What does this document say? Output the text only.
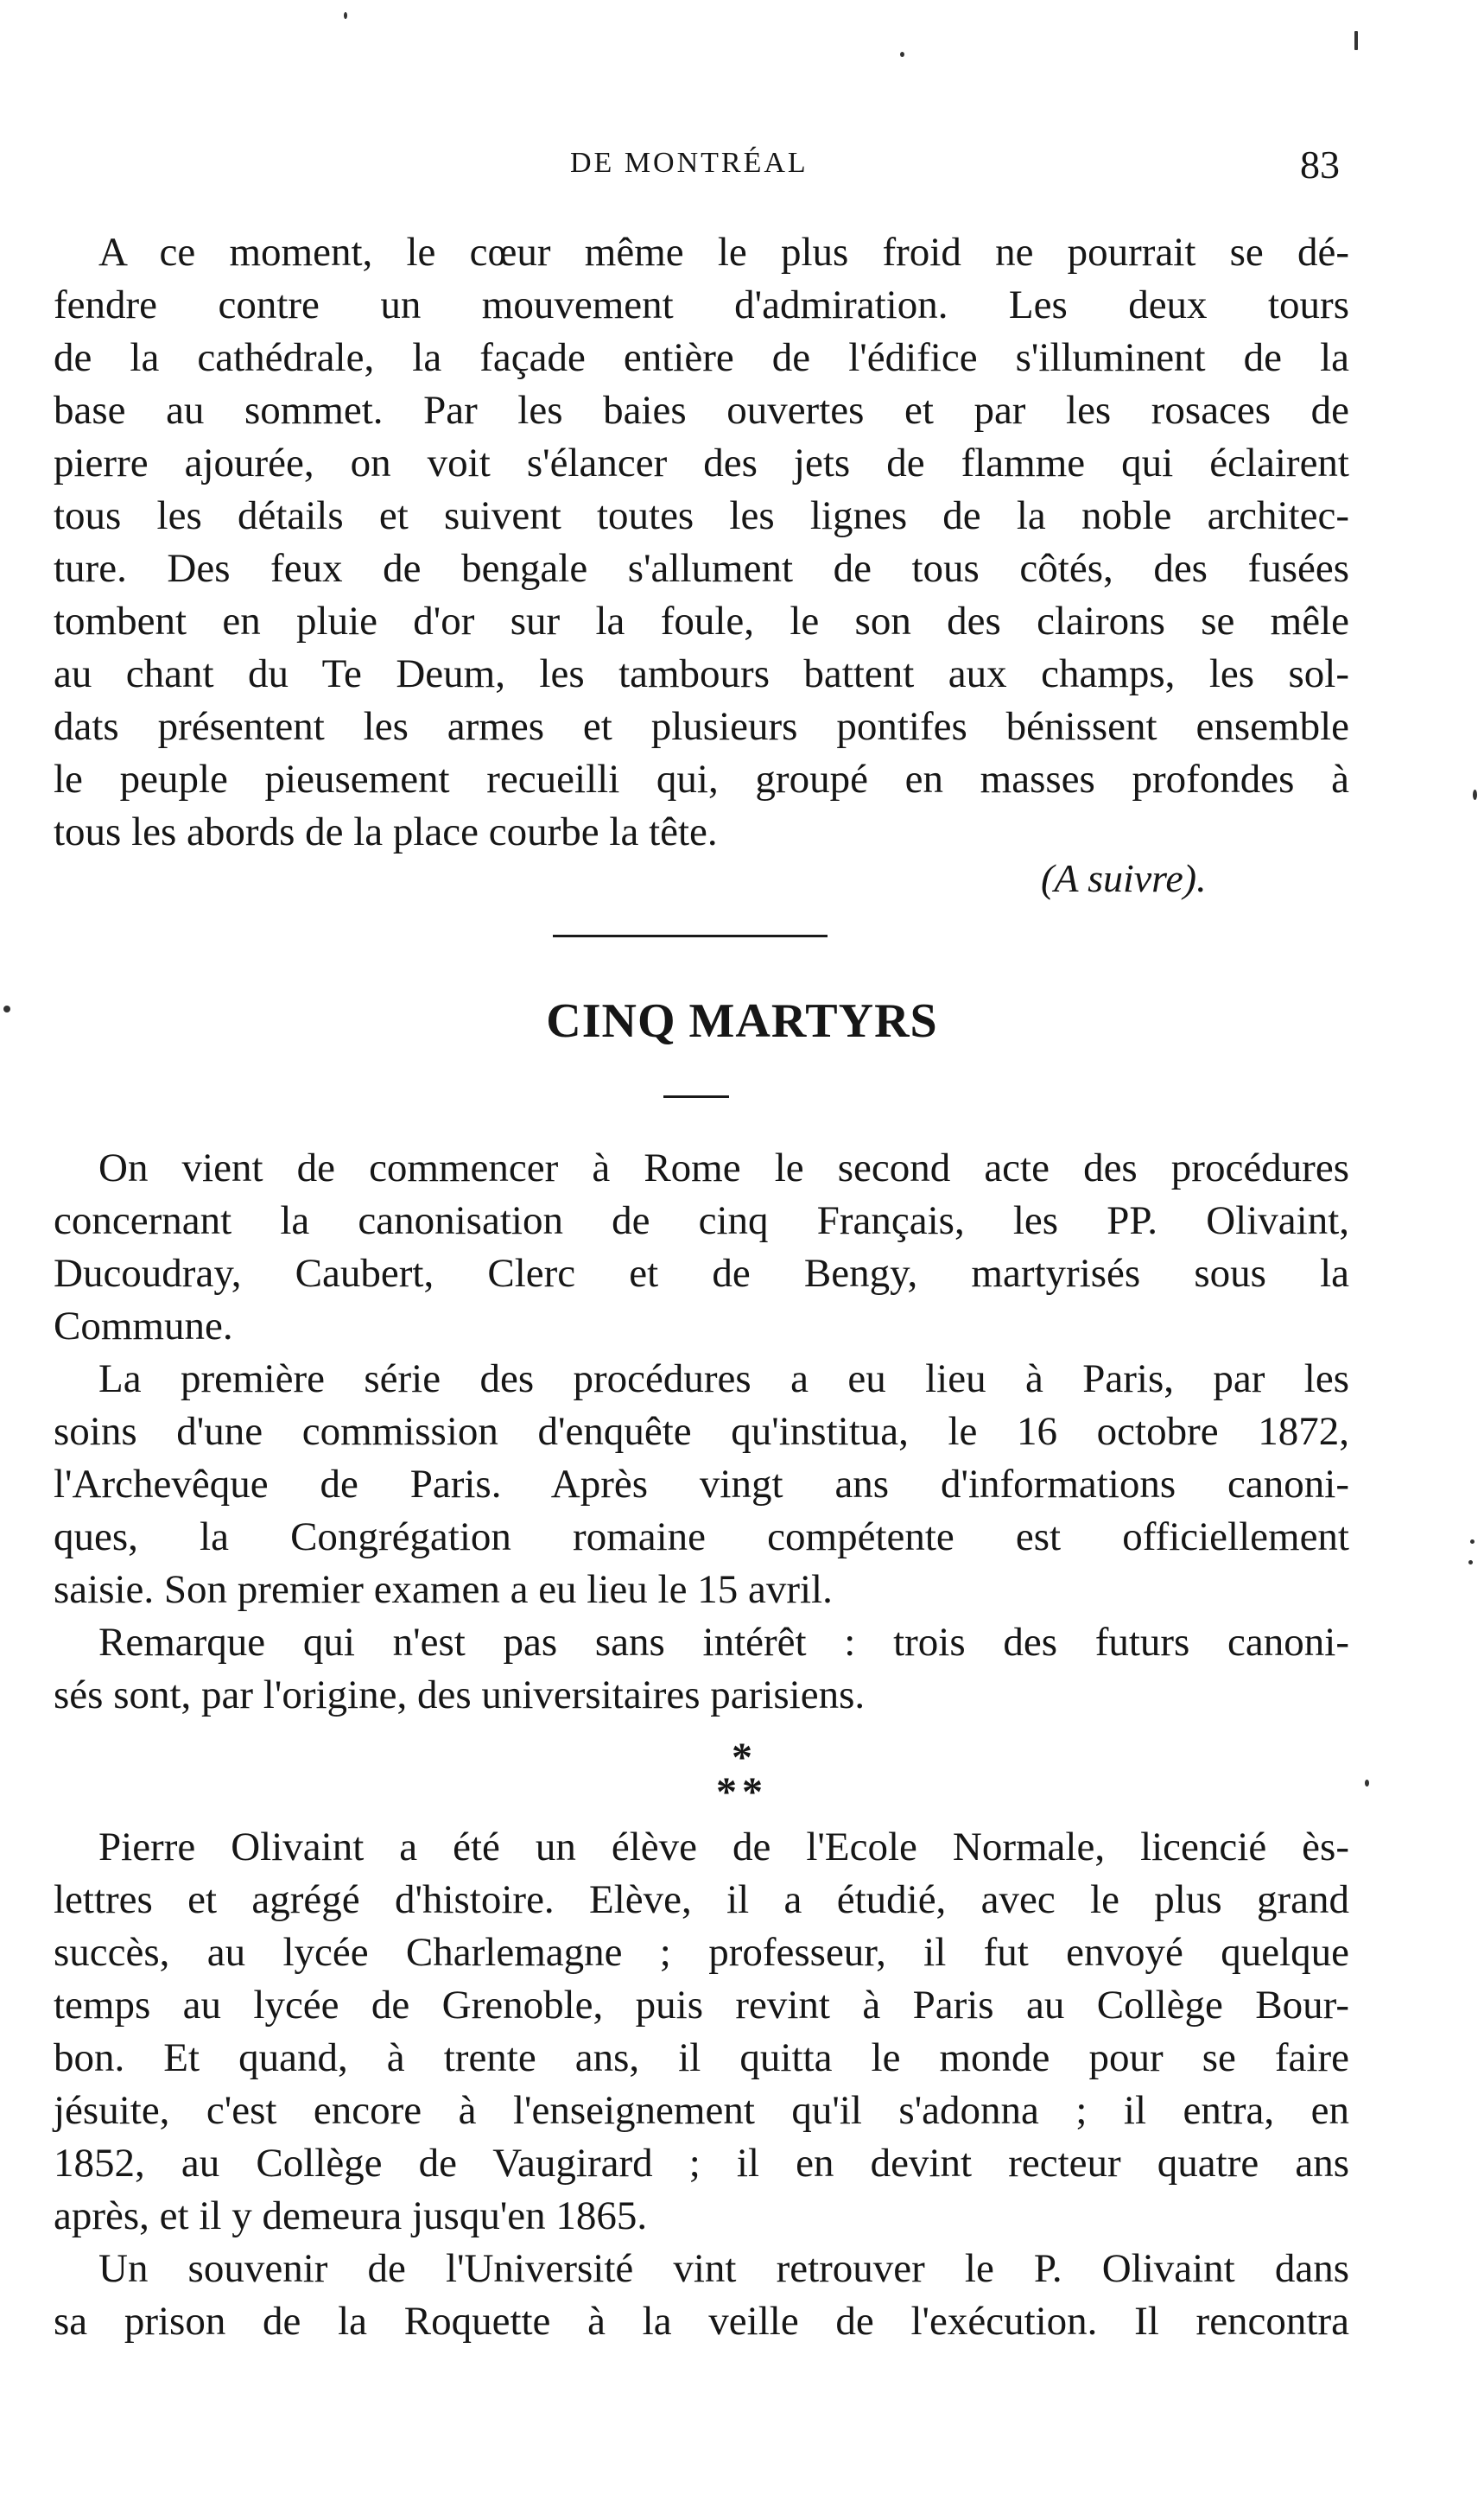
DE MONTRÉAL	83
A ce moment, le cœur même le plus froid ne pourrait se dé-
fendre contre un mouvement d'admiration. Les deux tours
de la cathédrale, la façade entière de l'édifice s'illuminent de la
base au sommet. Par les baies ouvertes et par les rosaces de
pierre ajourée, on voit s'élancer des jets de flamme qui éclairent
tous les détails et suivent toutes les lignes de la noble architec-
ture. Des feux de bengale s'allument de tous côtés, des fusées
tombent en pluie d'or sur la foule, le son des clairons se mêle
au chant du Te Deum, les tambours battent aux champs, les sol-
dats présentent les armes et plusieurs pontifes bénissent ensemble
le peuple pieusement recueilli qui, groupé en masses profondes à
tous les abords de la place courbe la tête.
(A suivre).
CINQ MARTYRS
On vient de commencer à Rome le second acte des procédures
concernant la canonisation de cinq Français, les PP. Olivaint,
Ducoudray, Caubert, Clerc et de Bengy, martyrisés sous la
Commune.
La première série des procédures a eu lieu à Paris, par les
soins d'une commission d'enquête qu'institua, le 16 octobre 1872,
l'Archevêque de Paris. Après vingt ans d'informations canoni-
ques, la Congrégation romaine compétente est officiellement
saisie. Son premier examen a eu lieu le 15 avril.
Remarque qui n'est pas sans intérêt : trois des futurs canoni-
sés sont, par l'origine, des universitaires parisiens.
*
**
Pierre Olivaint a été un élève de l'Ecole Normale, licencié ès-
lettres et agrégé d'histoire. Elève, il a étudié, avec le plus grand
succès, au lycée Charlemagne ; professeur, il fut envoyé quelque
temps au lycée de Grenoble, puis revint à Paris au Collège Bour-
bon. Et quand, à trente ans, il quitta le monde pour se faire
jésuite, c'est encore à l'enseignement qu'il s'adonna ; il entra, en
1852, au Collège de Vaugirard ; il en devint recteur quatre ans
après, et il y demeura jusqu'en 1865.
Un souvenir de l'Université vint retrouver le P. Olivaint dans
sa prison de la Roquette à la veille de l'exécution. Il rencontra
